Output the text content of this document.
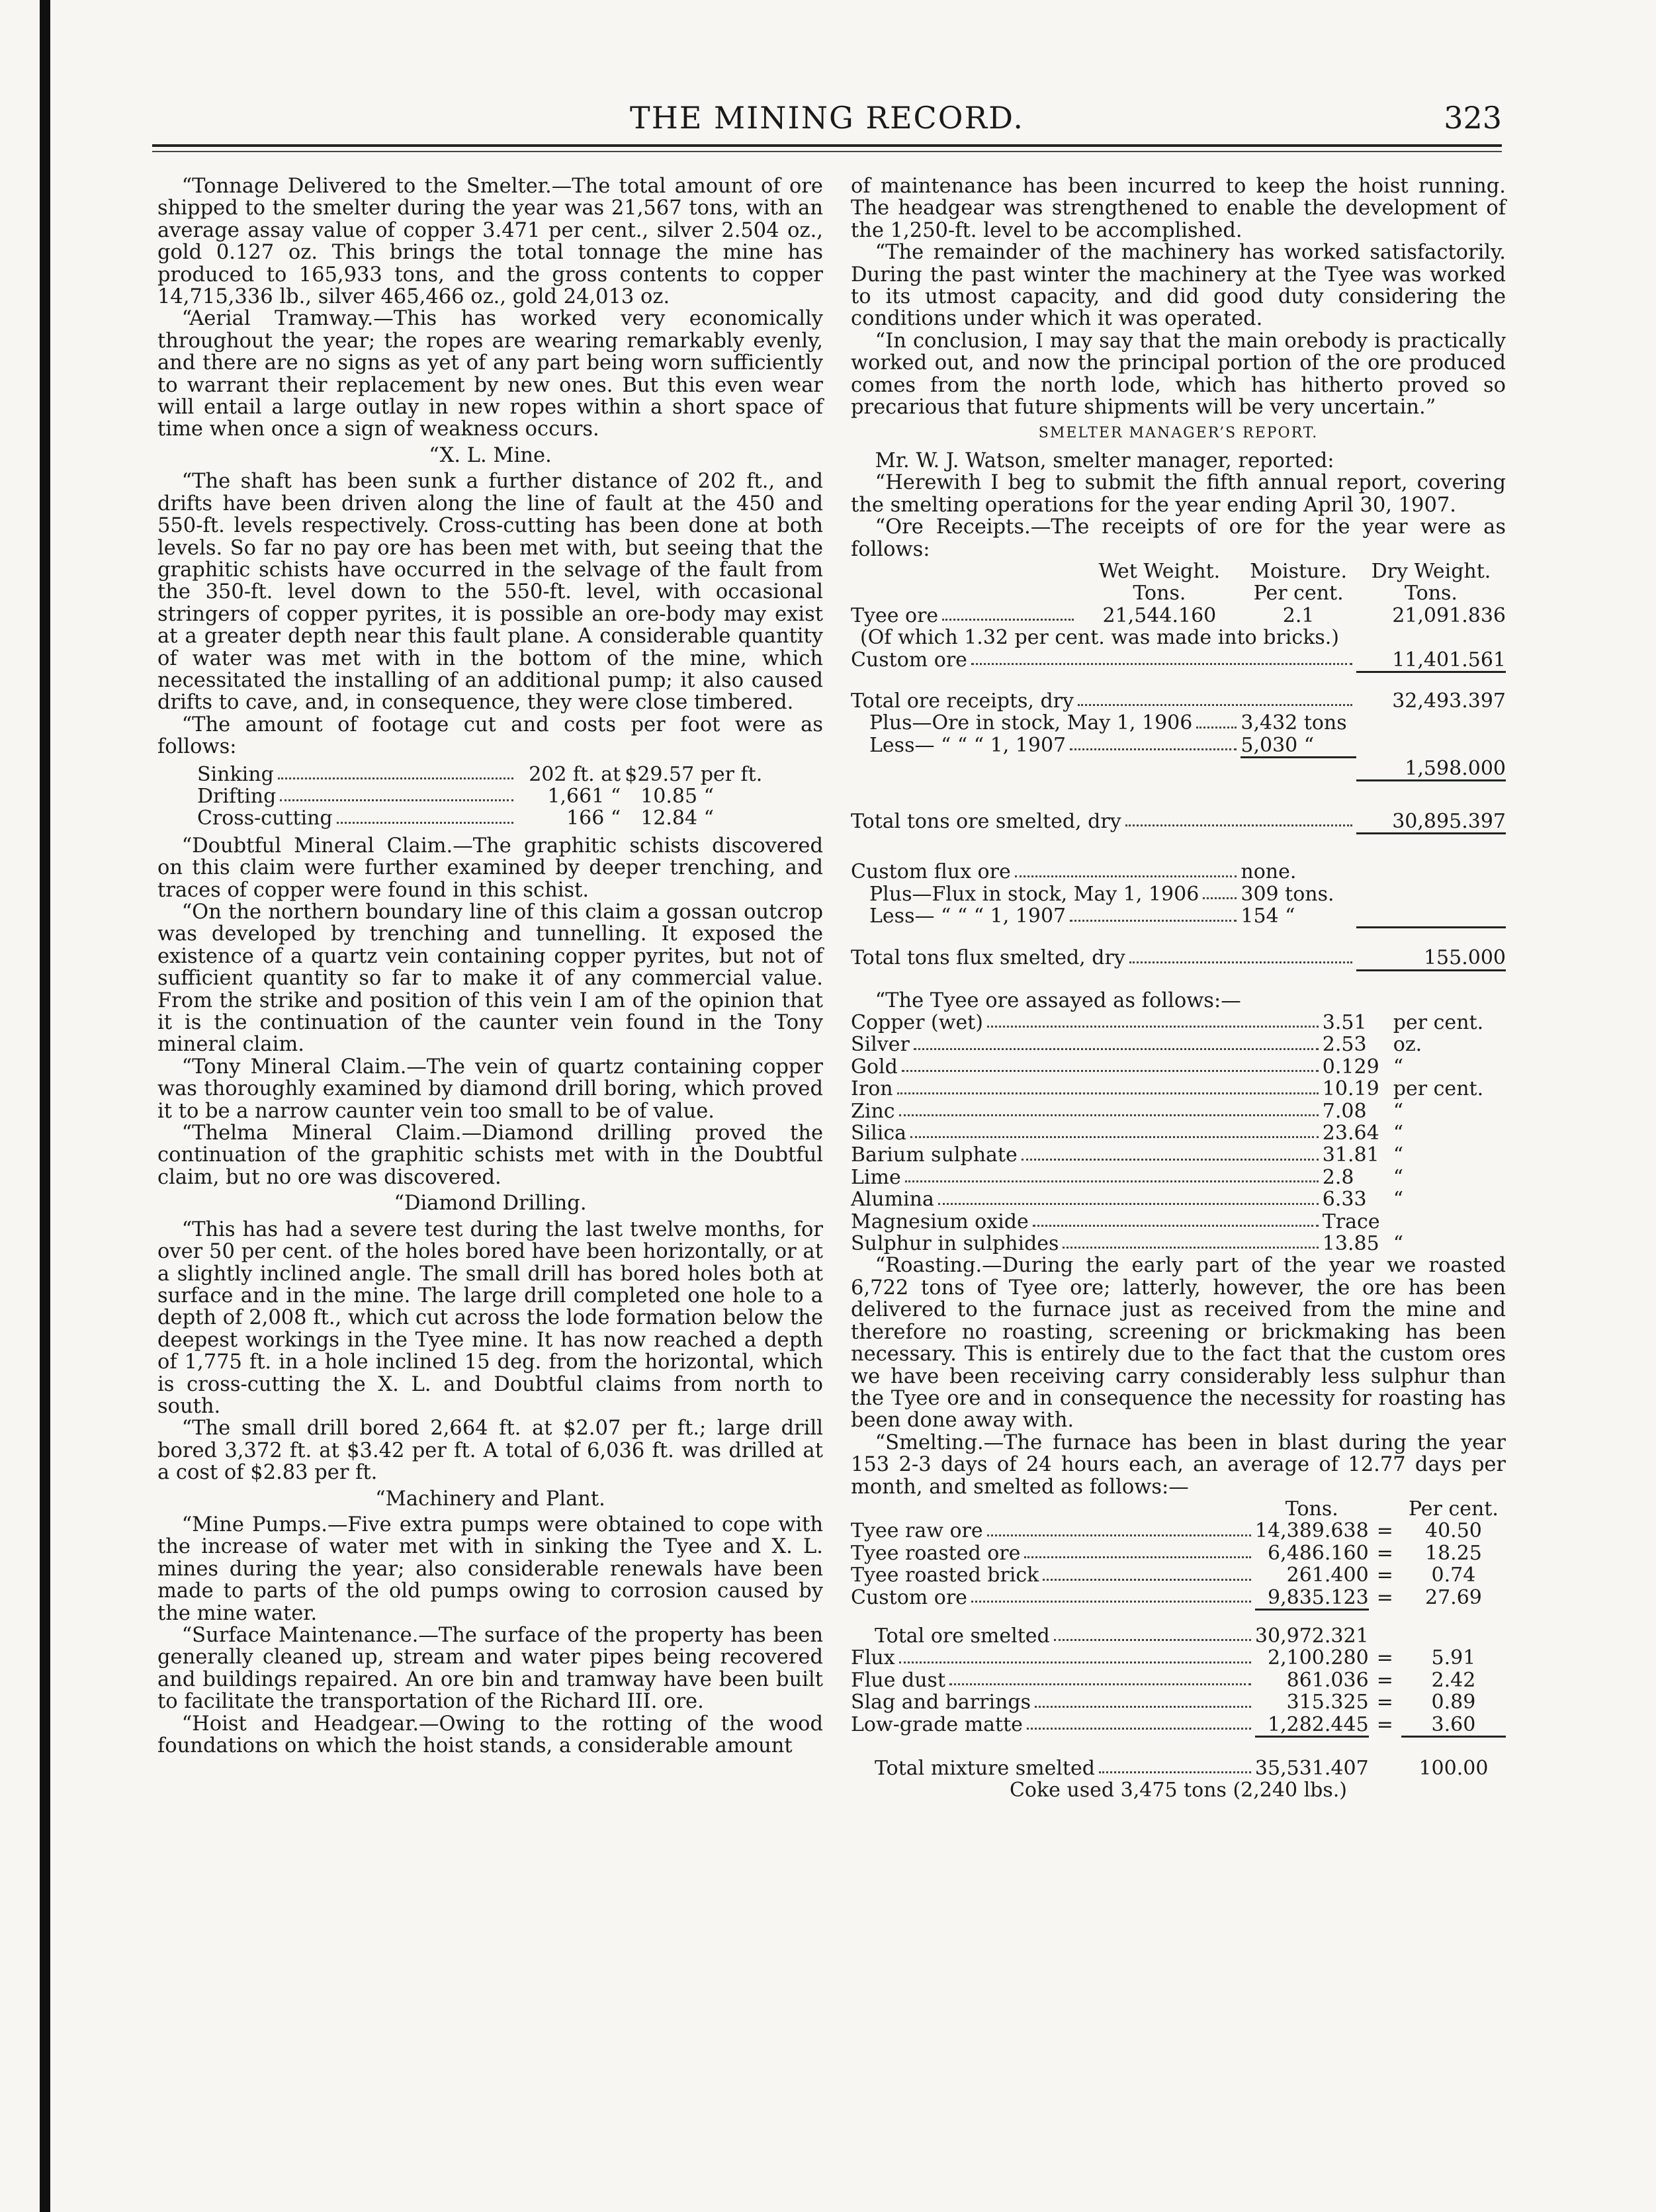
THE MINING RECORD.	323

“Tonnage Delivered to the Smelter.—The total amount of ore shipped to the smelter during the year was 21,567 tons, with an average assay value of copper 3.471 per cent., silver 2.504 oz., gold 0.127 oz. This brings the total tonnage the mine has produced to 165,933 tons, and the gross contents to copper 14,715,336 lb., silver 465,466 oz., gold 24,013 oz.

“Aerial Tramway.—This has worked very economically throughout the year; the ropes are wearing remarkably evenly, and there are no signs as yet of any part being worn sufficiently to warrant their replacement by new ones. But this even wear will entail a large outlay in new ropes within a short space of time when once a sign of weakness occurs.

“X. L. Mine.

“The shaft has been sunk a further distance of 202 ft., and drifts have been driven along the line of fault at the 450 and 550-ft. levels respectively. Cross-cutting has been done at both levels. So far no pay ore has been met with, but seeing that the graphitic schists have occurred in the selvage of the fault from the 350-ft. level down to the 550-ft. level, with occasional stringers of copper pyrites, it is possible an ore-body may exist at a greater depth near this fault plane. A considerable quantity of water was met with in the bottom of the mine, which necessitated the installing of an additional pump; it also caused drifts to cave, and, in consequence, they were close timbered.

“The amount of footage cut and costs per foot were as follows:

Sinking	202 ft. at	$29.57 per ft.

Drifting	1,661 “	10.85 “

Cross-cutting	166 “	12.84 “

“Doubtful Mineral Claim.—The graphitic schists discovered on this claim were further examined by deeper trenching, and traces of copper were found in this schist.

“On the northern boundary line of this claim a gossan outcrop was developed by trenching and tunnelling. It exposed the existence of a quartz vein containing copper pyrites, but not of sufficient quantity so far to make it of any commercial value. From the strike and position of this vein I am of the opinion that it is the continuation of the caunter vein found in the Tony mineral claim.

“Tony Mineral Claim.—The vein of quartz containing copper was thoroughly examined by diamond drill boring, which proved it to be a narrow caunter vein too small to be of value.

“Thelma Mineral Claim.—Diamond drilling proved the continuation of the graphitic schists met with in the Doubtful claim, but no ore was discovered.

“Diamond Drilling.

“This has had a severe test during the last twelve months, for over 50 per cent. of the holes bored have been horizontally, or at a slightly inclined angle. The small drill has bored holes both at surface and in the mine. The large drill completed one hole to a depth of 2,008 ft., which cut across the lode formation below the deepest workings in the Tyee mine. It has now reached a depth of 1,775 ft. in a hole inclined 15 deg. from the horizontal, which is cross-cutting the X. L. and Doubtful claims from north to south.

“The small drill bored 2,664 ft. at $2.07 per ft.; large drill bored 3,372 ft. at $3.42 per ft. A total of 6,036 ft. was drilled at a cost of $2.83 per ft.

“Machinery and Plant.

“Mine Pumps.—Five extra pumps were obtained to cope with the increase of water met with in sinking the Tyee and X. L. mines during the year; also considerable renewals have been made to parts of the old pumps owing to corrosion caused by the mine water.

“Surface Maintenance.—The surface of the property has been generally cleaned up, stream and water pipes being recovered and buildings repaired. An ore bin and tramway have been built to facilitate the transportation of the Richard III. ore.

“Hoist and Headgear.—Owing to the rotting of the wood foundations on which the hoist stands, a considerable amount

of maintenance has been incurred to keep the hoist running. The headgear was strengthened to enable the development of the 1,250-ft. level to be accomplished.

“The remainder of the machinery has worked satisfactorily. During the past winter the machinery at the Tyee was worked to its utmost capacity, and did good duty considering the conditions under which it was operated.

“In conclusion, I may say that the main orebody is practically worked out, and now the principal portion of the ore produced comes from the north lode, which has hitherto proved so precarious that future shipments will be very uncertain.”

SMELTER MANAGER’S REPORT.

Mr. W. J. Watson, smelter manager, reported:

“Herewith I beg to submit the fifth annual report, covering the smelting operations for the year ending April 30, 1907.

“Ore Receipts.—The receipts of ore for the year were as follows:

	Wet Weight.	Moisture.	Dry Weight.
	Tons.	Per cent.	Tons.

Tyee ore	21,544.160	2.1	21,091.836
(Of which 1.32 per cent. was made into bricks.)			

Custom ore			11,401.561

Total ore receipts, dry			32,493.397

Plus—Ore in stock, May 1, 1906		3,432 tons	

Less— “ “ “ 1, 1907		5,030 “	
			1,598.000

Total tons ore smelted, dry			30,895.397

Custom flux ore		none.	

Plus—Flux in stock, May 1, 1906		309 tons.	

Less— “ “ “ 1, 1907		154 “	

Total tons flux smelted, dry			155.000

“The Tyee ore assayed as follows:—

Copper (wet)	3.51	per cent.

Silver	2.53	oz.

Gold	0.129	“

Iron	10.19	per cent.

Zinc	7.08	“

Silica	23.64	“

Barium sulphate	31.81	“

Lime	2.8	“

Alumina	6.33	“

Magnesium oxide	Trace	

Sulphur in sulphides	13.85	“

“Roasting.—During the early part of the year we roasted 6,722 tons of Tyee ore; latterly, however, the ore has been delivered to the furnace just as received from the mine and therefore no roasting, screening or brickmaking has been necessary. This is entirely due to the fact that the custom ores we have been receiving carry considerably less sulphur than the Tyee ore and in consequence the necessity for roasting has been done away with.

“Smelting.—The furnace has been in blast during the year 153 2-3 days of 24 hours each, an average of 12.77 days per month, and smelted as follows:—

	Tons.		Per cent.

Tyee raw ore	14,389.638	=	40.50

Tyee roasted ore	6,486.160	=	18.25

Tyee roasted brick	261.400	=	0.74

Custom ore	9,835.123	=	27.69

Total ore smelted	30,972.321		

Flux	2,100.280	=	5.91

Flue dust	861.036	=	2.42

Slag and barrings	315.325	=	0.89

Low-grade matte	1,282.445	=	3.60

Total mixture smelted	35,531.407		100.00
Coke used 3,475 tons (2,240 lbs.)			
